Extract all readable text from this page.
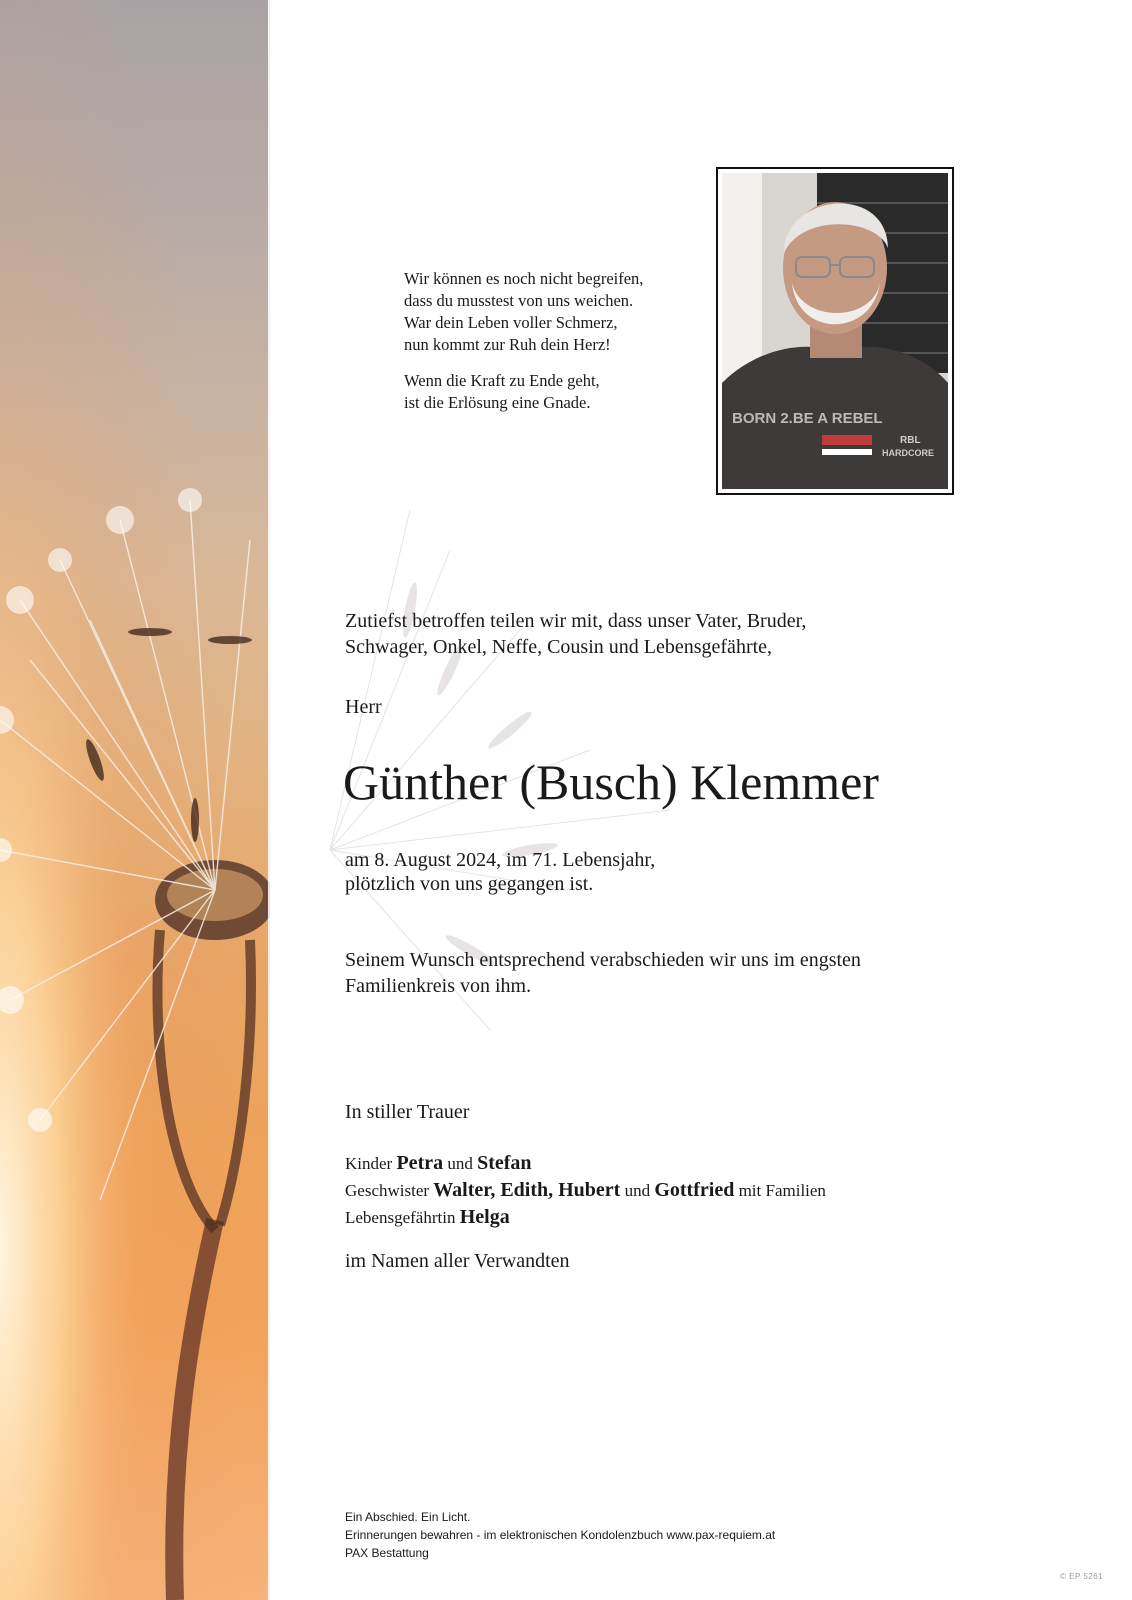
Wir können es noch nicht begreifen,
dass du musstest von uns weichen.
War dein Leben voller Schmerz,
nun kommt zur Ruh dein Herz!

Wenn die Kraft zu Ende geht,
ist die Erlösung eine Gnade.

BORN 2.BE A REBEL
RBL
HARDCORE
Zutiefst betroffen teilen wir mit, dass unser Vater, Bruder,
Schwager, Onkel, Neffe, Cousin und Lebensgefährte,
Herr
Günther (Busch) Klemmer
am 8. August 2024, im 71. Lebensjahr,
plötzlich von uns gegangen ist.
Seinem Wunsch entsprechend verabschieden wir uns im engsten
Familienkreis von ihm.
In stiller Trauer
Kinder Petra und Stefan
Geschwister Walter, Edith, Hubert und Gottfried mit Familien
Lebensgefährtin Helga
im Namen aller Verwandten
Ein Abschied. Ein Licht.
Erinnerungen bewahren - im elektronischen Kondolenzbuch www.pax-requiem.at
PAX Bestattung
© EP 5261
